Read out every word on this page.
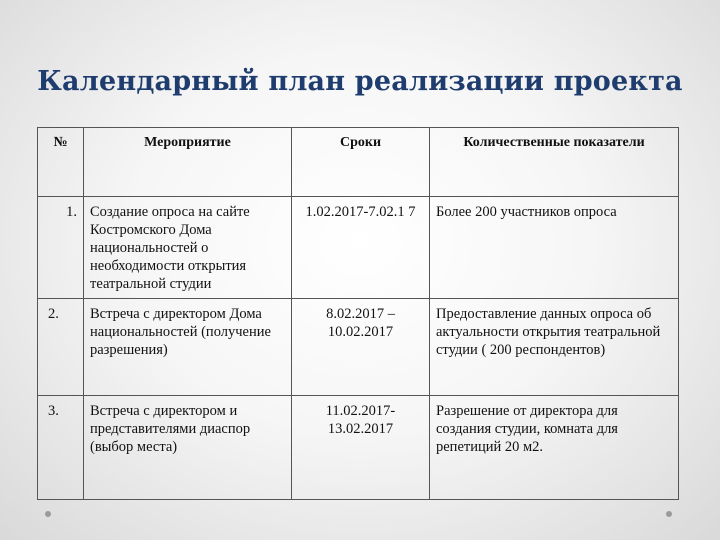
Календарный план реализации проекта
№	Мероприятие	Сроки	Количественные показатели
1.	Создание опроса на сайте Костромского Дома национальностей о необходимости открытия театральной студии	1.02.2017-7.02.1 7	Более 200 участников опроса
2.	Встреча с директором Дома национальностей (получение разрешения)	8.02.2017 – 10.02.2017	Предоставление данных опроса об актуальности открытия театральной студии ( 200 респондентов)
3.	Встреча с директором и представителями диаспор (выбор места)	11.02.2017- 13.02.2017	Разрешение от директора для создания студии, комната для репетиций 20 м2.
